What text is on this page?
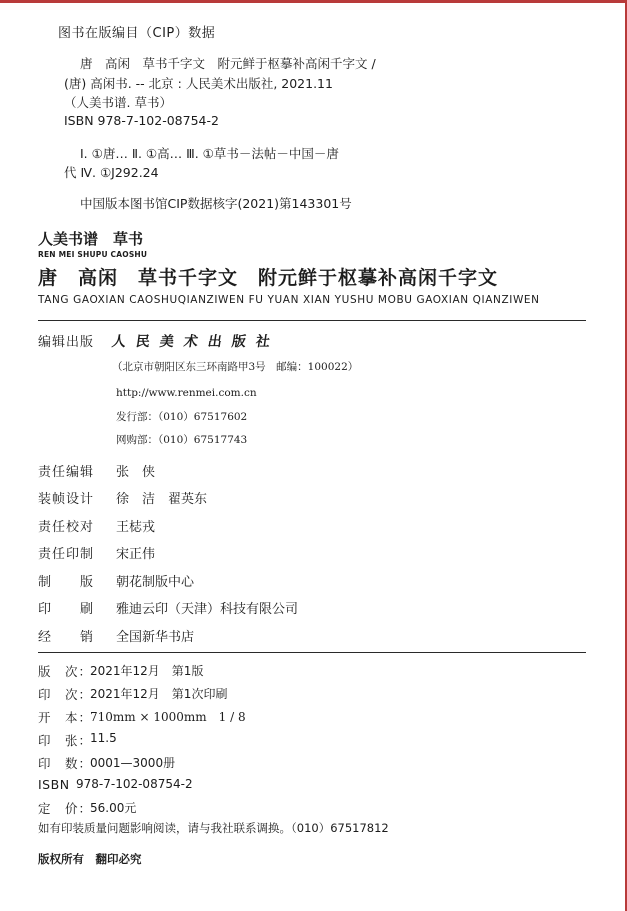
图书在版编目（CIP）数据
唐　高闲　草书千字文　附元鲜于枢摹补高闲千字文 /
(唐) 高闲书. -- 北京 : 人民美术出版社, 2021.11
（人美书谱. 草书）
ISBN 978-7-102-08754-2
Ⅰ. ①唐… Ⅱ. ①高… Ⅲ. ①草书－法帖－中国－唐
代 Ⅳ. ①J292.24
中国版本图书馆CIP数据核字(2021)第143301号
人美书谱　草书
REN MEI SHUPU CAOSHU
唐　高闲　草书千字文　附元鲜于枢摹补高闲千字文
TANG GAOXIAN CAOSHUQIANZIWEN FU YUAN XIAN YUSHU MOBU GAOXIAN QIANZIWEN
编辑出版 人民美术出版社
（北京市朝阳区东三环南路甲3号　邮编：100022）
http://www.renmei.com.cn
发行部：（010）67517602
网购部：（010）67517743
责任编辑 张　侠
装帧设计 徐　洁　翟英东
责任校对 王梽戎
责任印制 宋正伟
制　　版 朝花制版中心
印　　刷 雅迪云印（天津）科技有限公司
经　　销 全国新华书店
版　次：
2021年12月　第1版
印　次：
2021年12月　第1次印刷
开　本：
710mm × 1000mm　1 / 8
印　张：
11.5
印　数：
0001—3000册
ISBN 978-7-102-08754-2
定　价：
56.00元
如有印装质量问题影响阅读，请与我社联系调换。（010）67517812
版权所有　翻印必究
